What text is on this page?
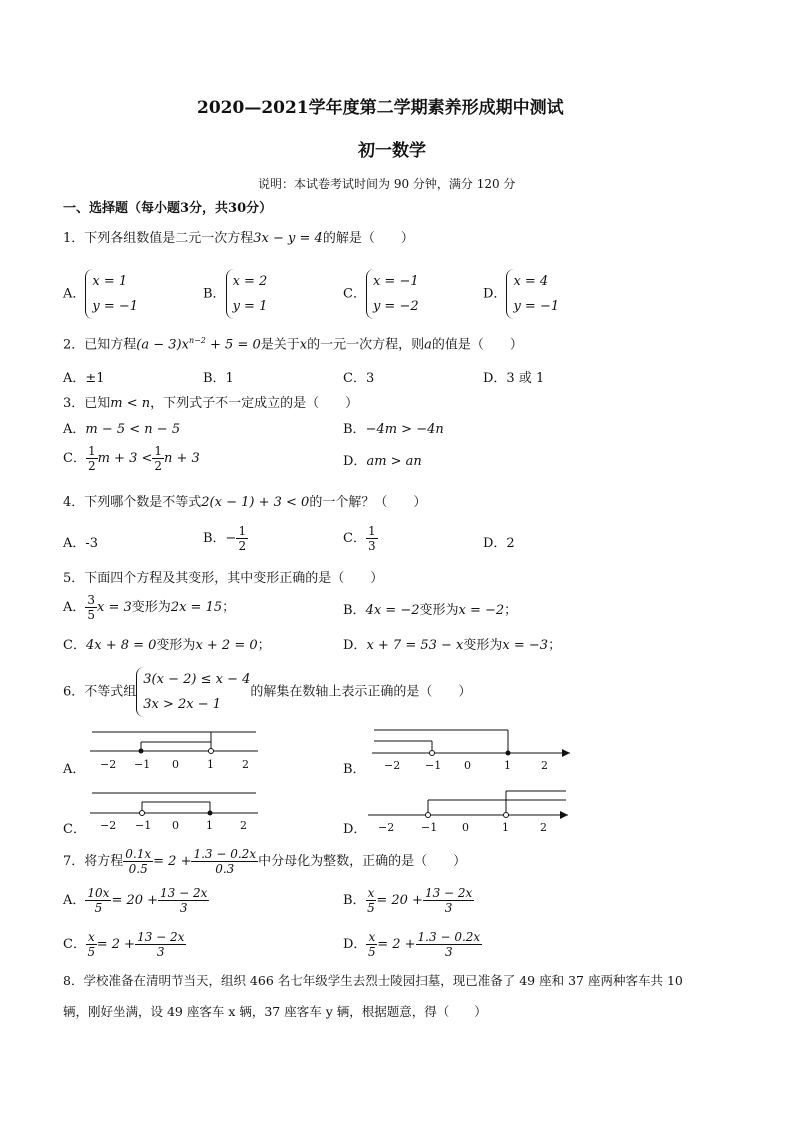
2020—2021学年度第二学期素养形成期中测试
初一数学
说明：本试卷考试时间为 90 分钟，满分 120 分
一、选择题（每小题3分，共30分）
1．下列各组数值是二元一次方程3x − y = 4的解是（　　）
A．
x = 1
y = −1
B．
x = 2
y = 1
C．
x = −1
y = −2
D．
x = 4
y = −1
2．已知方程$(a - 3)x^{n-2} + 5 = 0$是关于x的一元一次方程，则a的值是（　　）
A．±1	B．1	C．3	D．3 或 1
3．已知m < n，下列式子不一定成立的是（　　）
A．m − 5 < n − 5	B．−4m > −4n
C． $\frac{1}{2}$ $m + 3 < \frac{1}{2}$ n + 3	D．am > an
4．下列哪个数是不等式2(x − 1) + 3 < 0的一个解？（　　）
A．-3	B．− $\frac{1}{2}$	C． $\frac{1}{3}$	D．2
5．下面四个方程及其变形，其中变形正确的是（　　）
A． $\frac{3}{5}$ x = 3变形为2x = 15；	B．4x = −2变形为x = −2；
C．4x + 8 = 0变形为x + 2 = 0；	D．x + 7 = 53 − x变形为x = −3；
6．不等式组
3(x − 2) ≤ x − 4
3x > 2x − 1
的解集在数轴上表示正确的是（　　）
A．	B．
C．	D．
−2 −1 0	1	2	−2 −1 0	1	2
−2 −1 0 1 2	−2 −1 0	1	2
7．将方程 $\frac{0.1x}{0.5} = 2 + \frac{1.3 - 0.2x}{0.3}$ 中分母化为整数，正确的是（　　）
A． $\frac{10x}{5} = 20 + \frac{13 - 2x}{3}$	B． $\frac{x}{5} = 20 + \frac{13 - 2x}{3}$
C． $\frac{x}{5} = 2 + \frac{13 - 2x}{3}$	D． $\frac{x}{5} = 2 + \frac{1.3 - 0.2x}{3}$
8．学校准备在清明节当天，组织 466 名七年级学生去烈士陵园扫墓，现已准备了 49 座和 37 座两种客车共 10
辆，刚好坐满，设 49 座客车 x 辆，37 座客车 y 辆，根据题意，得（　　）
